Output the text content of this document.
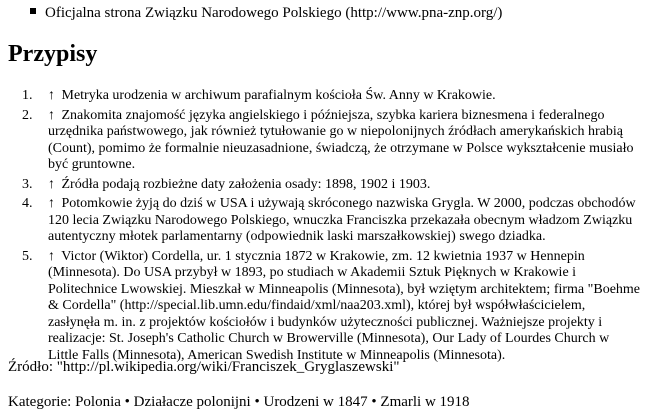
Oficjalna strona Związku Narodowego Polskiego (http://www.pna-znp.org/)
Przypisy
1. ↑ Metryka urodzenia w archiwum parafialnym kościoła Św. Anny w Krakowie.
2. ↑ Znakomita znajomość języka angielskiego i późniejsza, szybka kariera biznesmena i federalnego urzędnika państwowego, jak również tytułowanie go w niepolonijnych źródłach amerykańskich hrabią (Count), pomimo że formalnie nieuzasadnione, świadczą, że otrzymane w Polsce wykształcenie musiało być gruntowne.
3. ↑ Źródła podają rozbieżne daty założenia osady: 1898, 1902 i 1903.
4. ↑ Potomkowie żyją do dziś w USA i używają skróconego nazwiska Grygla. W 2000, podczas obchodów 120 lecia Związku Narodowego Polskiego, wnuczka Franciszka przekazała obecnym władzom Związku autentyczny młotek parlamentarny (odpowiednik laski marszałkowskiej) swego dziadka.
5. ↑ Victor (Wiktor) Cordella, ur. 1 stycznia 1872 w Krakowie, zm. 12 kwietnia 1937 w Hennepin (Minnesota). Do USA przybył w 1893, po studiach w Akademii Sztuk Pięknych w Krakowie i Politechnice Lwowskiej. Mieszkał w Minneapolis (Minnesota), był wziętym architektem; firma "Boehme & Cordella" (http://special.lib.umn.edu/findaid/xml/naa203.xml), której był współwłaścicielem, zasłynęła m. in. z projektów kościołów i budynków użyteczności publicznej. Ważniejsze projekty i realizacje: St. Joseph's Catholic Church w Browerville (Minnesota), Our Lady of Lourdes Church w Little Falls (Minnesota), American Swedish Institute w Minneapolis (Minnesota).
Źródło: "http://pl.wikipedia.org/wiki/Franciszek_Gryglaszewski"
Kategorie: Polonia • Działacze polonijni • Urodzeni w 1847 • Zmarli w 1918
